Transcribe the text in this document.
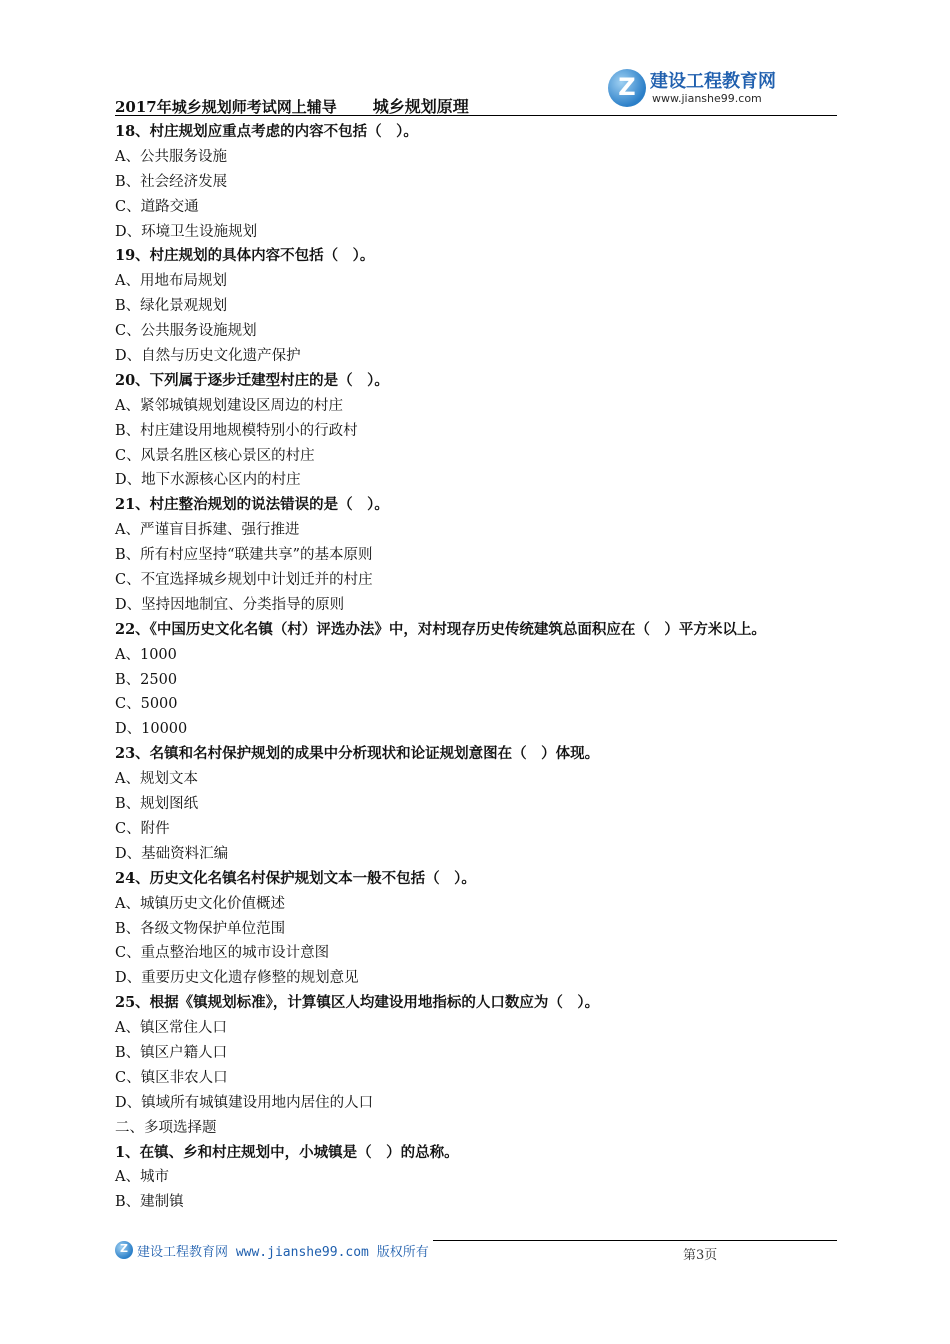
2017年城乡规划师考试网上辅导 城乡规划原理
Z 建设工程教育网
www.jianshe99.com
18、村庄规划应重点考虑的内容不包括（　）。
A、公共服务设施
B、社会经济发展
C、道路交通
D、环境卫生设施规划
19、村庄规划的具体内容不包括（　）。
A、用地布局规划
B、绿化景观规划
C、公共服务设施规划
D、自然与历史文化遗产保护
20、下列属于逐步迁建型村庄的是（　）。
A、紧邻城镇规划建设区周边的村庄
B、村庄建设用地规模特别小的行政村
C、风景名胜区核心景区的村庄
D、地下水源核心区内的村庄
21、村庄整治规划的说法错误的是（　）。
A、严谨盲目拆建、强行推进
B、所有村应坚持“联建共享”的基本原则
C、不宜选择城乡规划中计划迁并的村庄
D、坚持因地制宜、分类指导的原则
22、《中国历史文化名镇（村）评选办法》中，对村现存历史传统建筑总面积应在（　）平方米以上。
A、1000
B、2500
C、5000
D、10000
23、名镇和名村保护规划的成果中分析现状和论证规划意图在（　）体现。
A、规划文本
B、规划图纸
C、附件
D、基础资料汇编
24、历史文化名镇名村保护规划文本一般不包括（　）。
A、城镇历史文化价值概述
B、各级文物保护单位范围
C、重点整治地区的城市设计意图
D、重要历史文化遗存修整的规划意见
25、根据《镇规划标准》，计算镇区人均建设用地指标的人口数应为（　）。
A、镇区常住人口
B、镇区户籍人口
C、镇区非农人口
D、镇域所有城镇建设用地内居住的人口
二、多项选择题
1、在镇、乡和村庄规划中，小城镇是（　）的总称。
A、城市
B、建制镇
Z 建设工程教育网 www.jianshe99.com 版权所有	第3页
